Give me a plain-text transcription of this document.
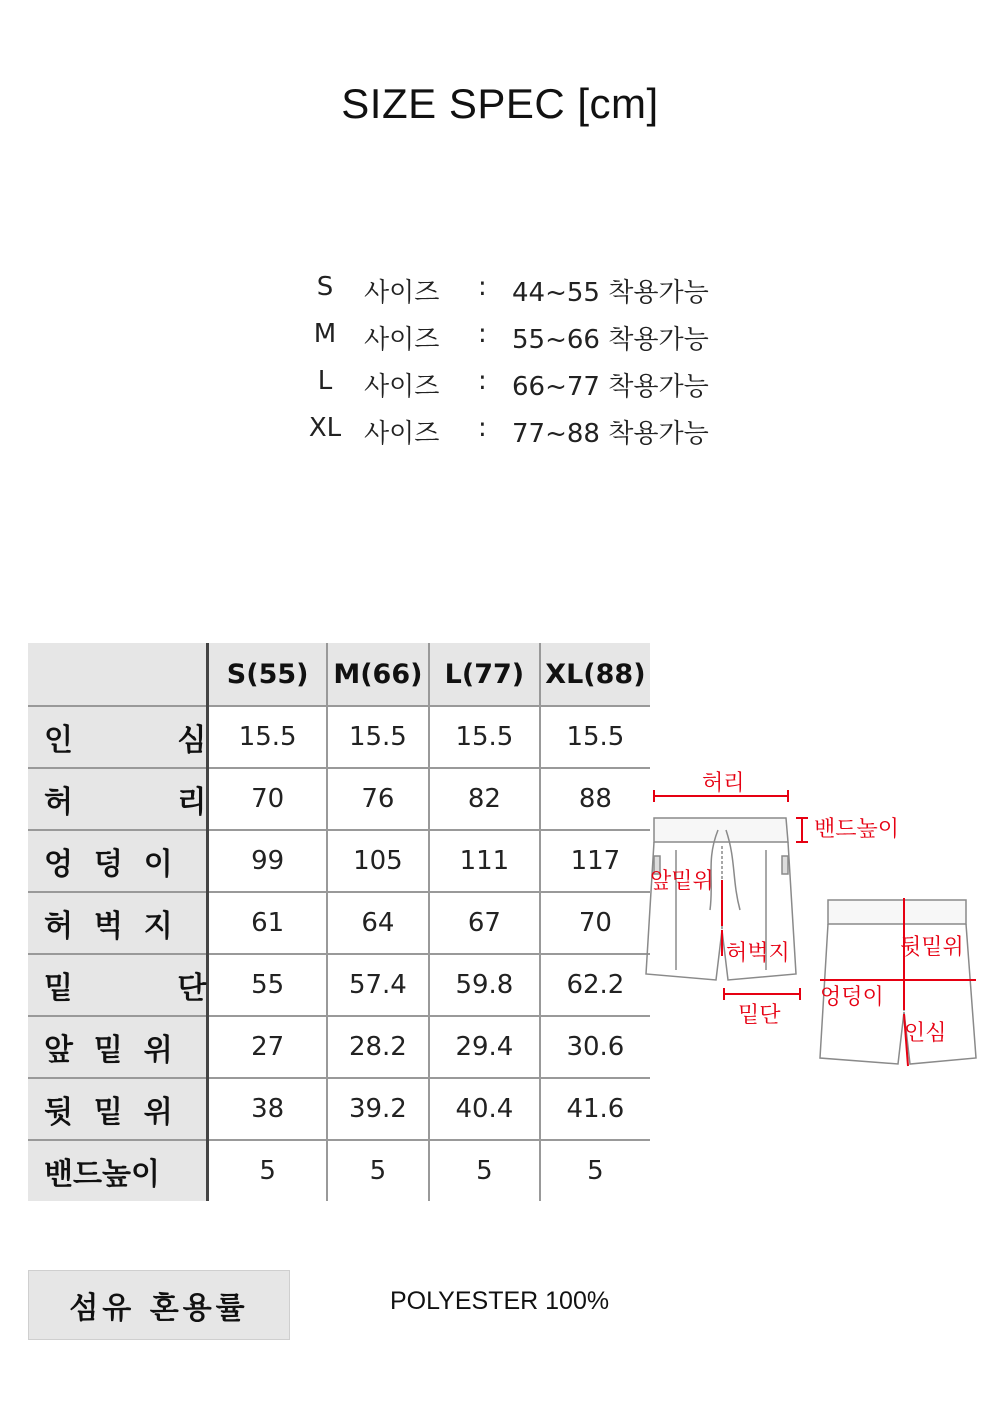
SIZE SPEC [cm]
S	사이즈 : 44~55 착용가능
M	사이즈 : 55~66 착용가능
L	사이즈 : 66~77 착용가능
XL 사이즈 : 77~88 착용가능
	S(55)	M(66)	L(77)	XL(88)
인          심	15.5	15.5	15.5	15.5
허          리	70	76	82	88
엉  덩  이	99	105	111	117
허  벅  지	61	64	67	70
밑          단	55	57.4	59.8	62.2
앞  밑  위	27	28.2	29.4	30.6
뒷  밑  위	38	39.2	40.4	41.6
밴드높이	5	5	5	5
허리
밴드높이
앞밑위
허벅지
밑단
뒷밑위
엉덩이
인심
섬유 혼용률	POLYESTER 100%
